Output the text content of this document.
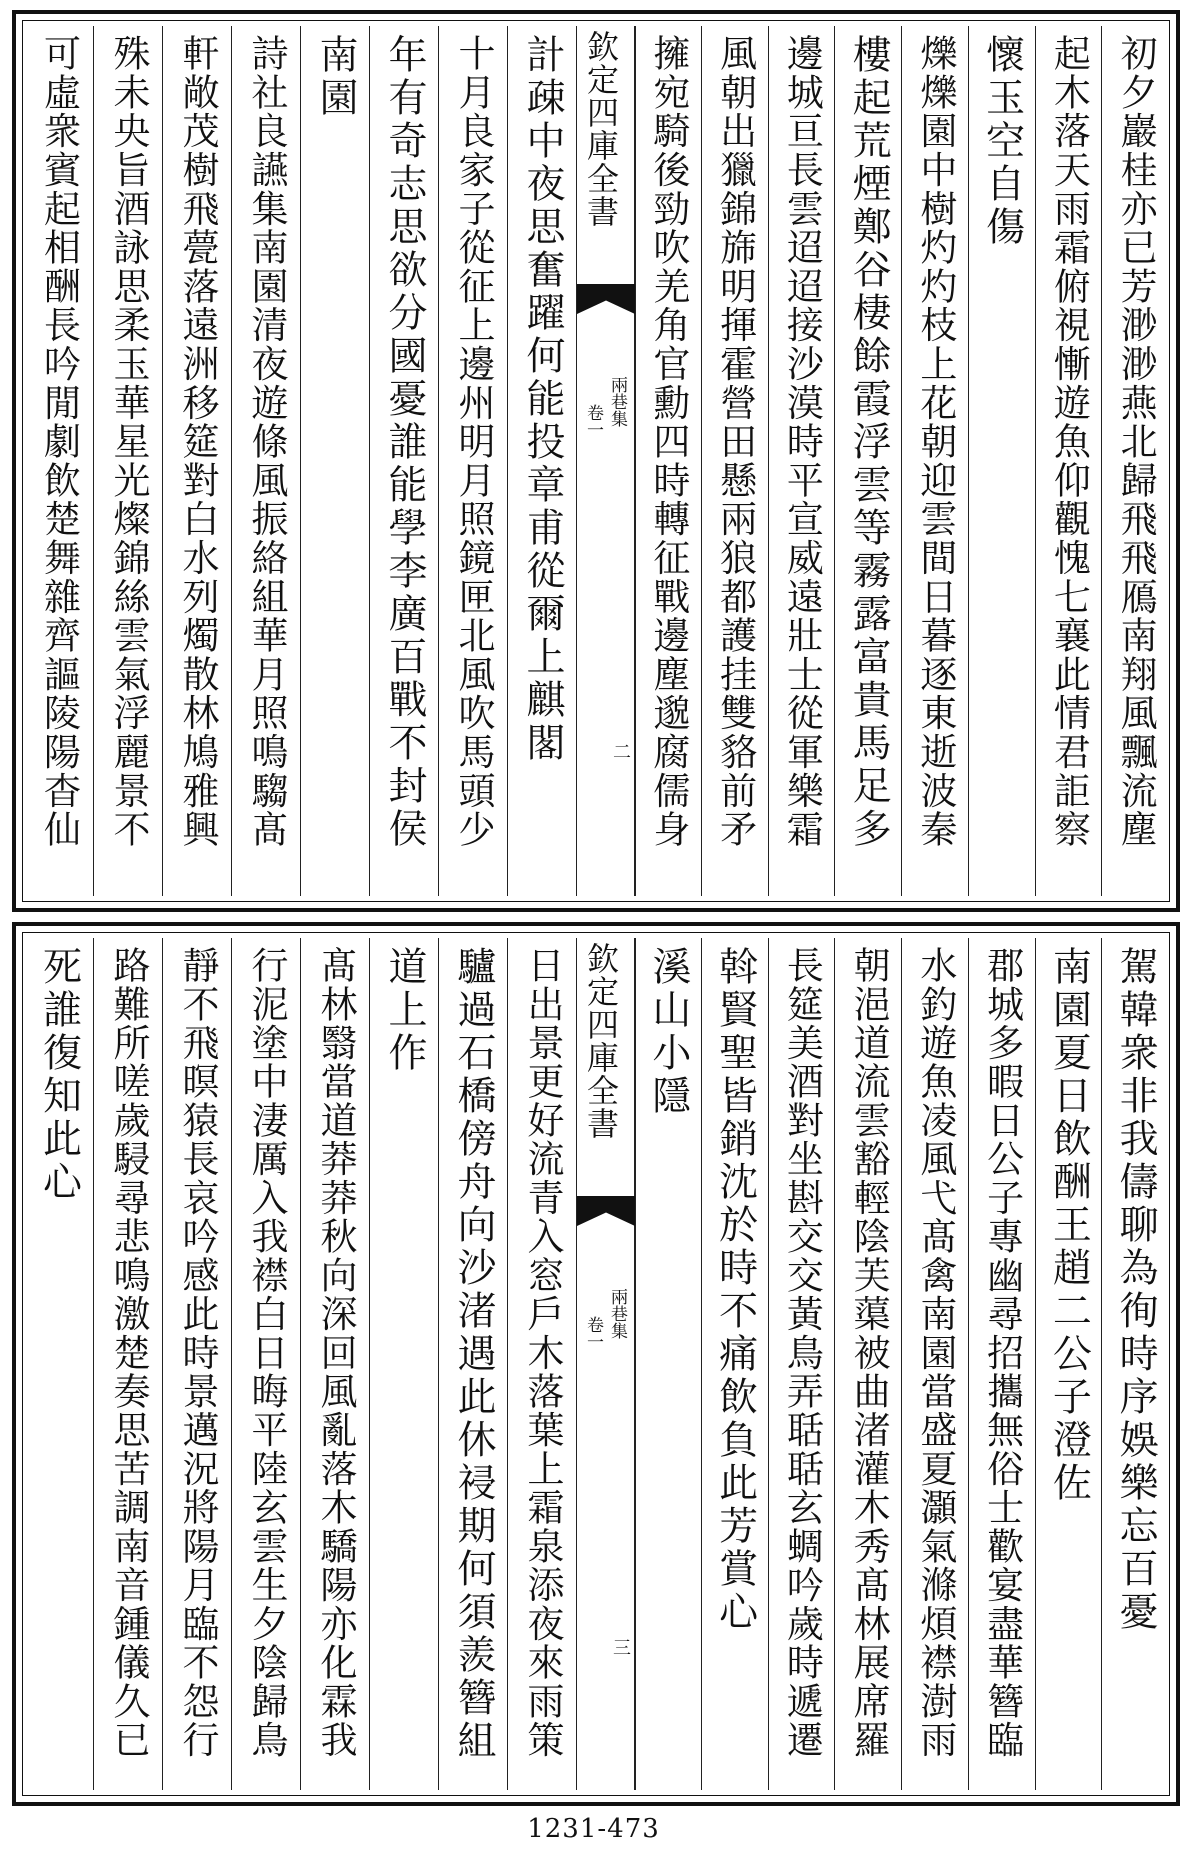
計疎中夜思奮躍何能投章甫從爾上麒閣
十月良家子從征上邊州明月照鏡匣北風吹馬頭少
年有奇志思欲分國憂誰能學李廣百戰不封侯
南園
詩社良讌集南園清夜遊條風振絡組華月照鳴騶髙
軒敞茂樹飛甍落遠洲移筵對白水列燭散林鳩雅興
殊未央旨酒詠思柔玉華星光燦錦絲雲氣浮麗景不
可虛衆賓起相酬長吟閒劇飲楚舞雜齊謳陵陽杳仙	初夕巖桂亦已芳渺渺燕北歸飛飛鴈南翔風飄流塵
起木落天雨霜俯視慚遊魚仰觀愧七襄此情君詎察
懷玉空自傷
爍爍園中樹灼灼枝上花朝迎雲間日暮逐東逝波秦
樓起荒煙鄭谷棲餘霞浮雲等霧露富貴馬足多
邊城亘長雲迢迢接沙漠時平宣威遠壯士從軍樂霜
風朝出獵錦旆明揮霍營田懸兩狼都護挂雙貉前矛
擁宛騎後勁吹羌角官勳四時轉征戰邊塵邈腐儒身
欽定四庫全書
兩巷集
卷一
二
日出景更好流青入窓戶木落葉上霜泉添夜來雨策
驢過石橋傍舟向沙渚遇此休祲期何須羨簪組
道上作
髙林翳當道莽莽秋向深回風亂落木驕陽亦化霖我
行泥塗中淒厲入我襟白日晦平陸玄雲生夕陰歸鳥
靜不飛暝猿長哀吟感此時景邁況將陽月臨不怨行
路難所嗟歲駸尋悲鳴激楚奏思苦調南音鍾儀久已
死誰復知此心	駕韓衆非我儔聊為徇時序娛樂忘百憂
南園夏日飲酬王趙二公子澄佐
郡城多暇日公子專幽尋招攜無俗士歡宴盡華簪臨
水釣遊魚凌風弋髙禽南園當盛夏灝氣滌煩襟澍雨
朝浥道流雲豁輕陰芙蕖被曲渚灌木秀髙林展席羅
長筵美酒對坐斟交交黃鳥弄聒聒玄蜩吟歲時遞遷
斡賢聖皆銷沈於時不痛飲負此芳賞心
溪山小隱
欽定四庫全書
兩巷集
卷一
三
1231-473
